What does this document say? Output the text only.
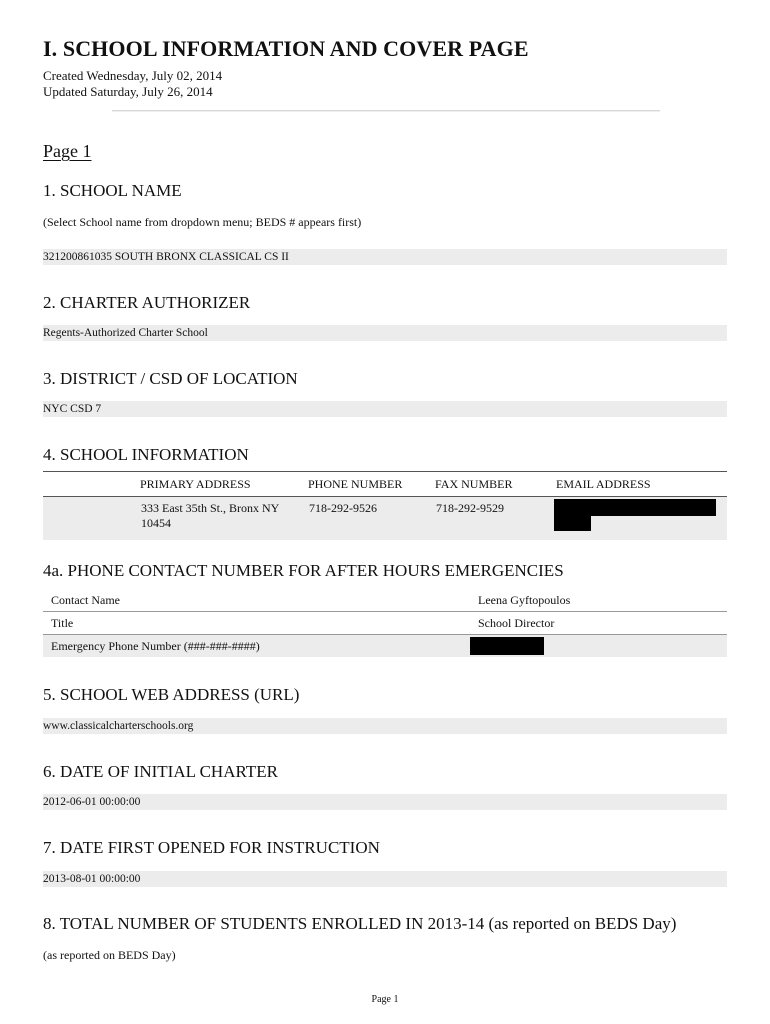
I. SCHOOL INFORMATION AND COVER PAGE
Created Wednesday, July 02, 2014
Updated Saturday, July 26, 2014
Page 1
1. SCHOOL NAME
(Select School name from dropdown menu; BEDS # appears first)
321200861035 SOUTH BRONX CLASSICAL CS II
2. CHARTER AUTHORIZER
Regents-Authorized Charter School
3. DISTRICT / CSD OF LOCATION
NYC CSD 7
4. SCHOOL INFORMATION
	PRIMARY ADDRESS	PHONE NUMBER	FAX NUMBER	EMAIL ADDRESS

	333 East 35th St., Bronx NY
10454	718-292-9526	718-292-9529	
4a. PHONE CONTACT NUMBER FOR AFTER HOURS EMERGENCIES
Contact Name	Leena Gyftopoulos
Title	School Director
Emergency Phone Number (###-###-####)	
5. SCHOOL WEB ADDRESS (URL)
www.classicalcharterschools.org
6. DATE OF INITIAL CHARTER
2012-06-01 00:00:00
7. DATE FIRST OPENED FOR INSTRUCTION
2013-08-01 00:00:00
8. TOTAL NUMBER OF STUDENTS ENROLLED IN 2013-14 (as reported on BEDS Day)
(as reported on BEDS Day)
Page 1
